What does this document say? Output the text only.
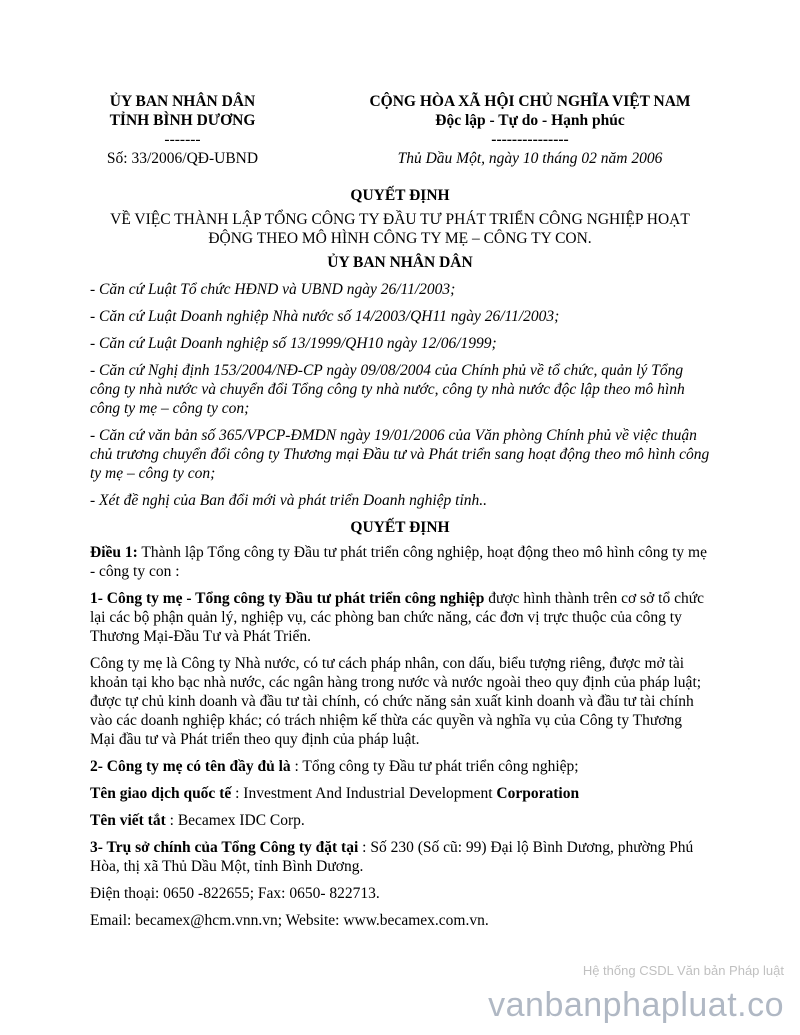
ỦY BAN NHÂN DÂN
TỈNH BÌNH DƯƠNG
-------
Số: 33/2006/QĐ-UBND
CỘNG HÒA XÃ HỘI CHỦ NGHĨA VIỆT NAM
Độc lập - Tự do - Hạnh phúc
---------------
Thủ Dầu Một, ngày 10 tháng 02 năm 2006
QUYẾT ĐỊNH
VỀ VIỆC THÀNH LẬP TỔNG CÔNG TY ĐẦU TƯ PHÁT TRIỂN CÔNG NGHIỆP HOẠT ĐỘNG THEO MÔ HÌNH CÔNG TY MẸ – CÔNG TY CON.
ỦY BAN NHÂN DÂN

- Căn cứ Luật Tổ chức HĐND và UBND ngày 26/11/2003;

- Căn cứ Luật Doanh nghiệp Nhà nước số 14/2003/QH11 ngày 26/11/2003;

- Căn cứ Luật Doanh nghiệp số 13/1999/QH10 ngày 12/06/1999;

- Căn cứ Nghị định 153/2004/NĐ-CP ngày 09/08/2004 của Chính phủ về tổ chức, quản lý Tổng công ty nhà nước và chuyển đổi Tổng công ty nhà nước, công ty nhà nước độc lập theo mô hình công ty mẹ – công ty con;

- Căn cứ văn bản số 365/VPCP-ĐMDN ngày 19/01/2006 của Văn phòng Chính phủ về việc thuận chủ trương chuyển đổi công ty Thương mại Đầu tư và Phát triển sang hoạt động theo mô hình công ty mẹ – công ty con;

- Xét đề nghị của Ban đổi mới và phát triển Doanh nghiệp tỉnh..

QUYẾT ĐỊNH

Điều 1: Thành lập Tổng công ty Đầu tư phát triển công nghiệp, hoạt động theo mô hình công ty mẹ - công ty con :

1- Công ty mẹ - Tổng công ty Đầu tư phát triển công nghiệp được hình thành trên cơ sở tổ chức lại các bộ phận quản lý, nghiệp vụ, các phòng ban chức năng, các đơn vị trực thuộc của công ty Thương Mại-Đầu Tư và Phát Triển.

Công ty mẹ là Công ty Nhà nước, có tư cách pháp nhân, con dấu, biểu tượng riêng, được mở tài khoản tại kho bạc nhà nước, các ngân hàng trong nước và nước ngoài theo quy định của pháp luật; được tự chủ kinh doanh và đầu tư tài chính, có chức năng sản xuất kinh doanh và đầu tư tài chính vào các doanh nghiệp khác; có trách nhiệm kế thừa các quyền và nghĩa vụ của Công ty Thương Mại đầu tư và Phát triển theo quy định của pháp luật.

2- Công ty mẹ có tên đầy đủ là : Tổng công ty Đầu tư phát triển công nghiệp;

Tên giao dịch quốc tế : Investment And Industrial Development Corporation

Tên viết tắt : Becamex IDC Corp.

3- Trụ sở chính của Tổng Công ty đặt tại : Số 230 (Số cũ: 99) Đại lộ Bình Dương, phường Phú Hòa, thị xã Thủ Dầu Một, tỉnh Bình Dương.

Điện thoại: 0650 -822655; Fax: 0650- 822713.

Email: becamex@hcm.vnn.vn; Website: www.becamex.com.vn.

Hệ thống CSDL Văn bản Pháp luật
vanbanphapluat.co
